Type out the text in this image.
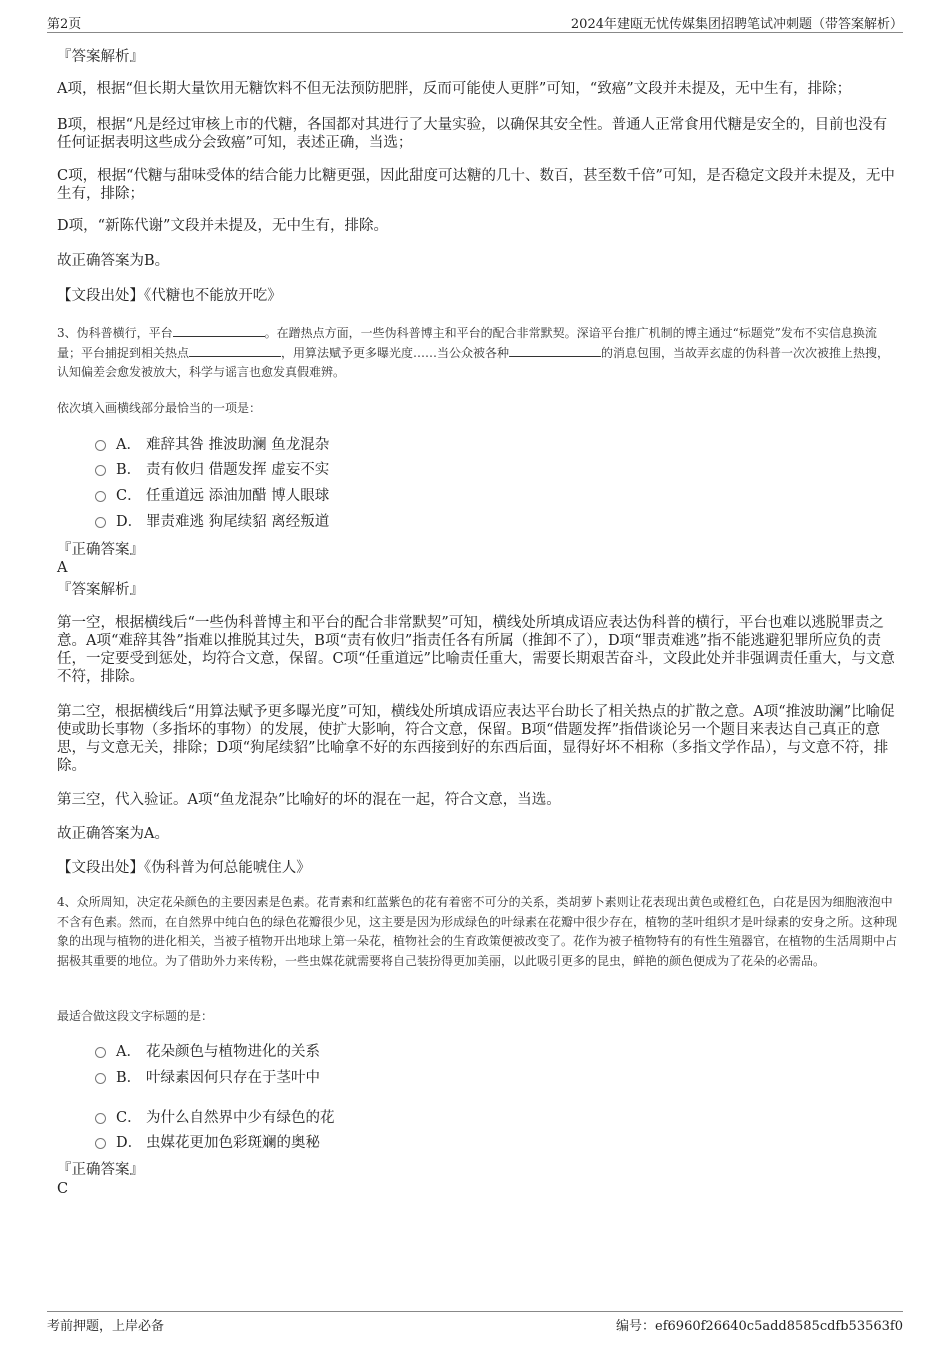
第2页	2024年建瓯无忧传媒集团招聘笔试冲刺题（带答案解析）
『答案解析』
A项，根据“但长期大量饮用无糖饮料不但无法预防肥胖，反而可能使人更胖”可知，“致癌”文段并未提及，无中生有，排除；
B项，根据“凡是经过审核上市的代糖，各国都对其进行了大量实验，以确保其安全性。普通人正常食用代糖是安全的，目前也没有任何证据表明这些成分会致癌”可知，表述正确，当选；
C项，根据“代糖与甜味受体的结合能力比糖更强，因此甜度可达糖的几十、数百，甚至数千倍”可知，是否稳定文段并未提及，无中生有，排除；
D项，“新陈代谢”文段并未提及，无中生有，排除。
故正确答案为B。
【文段出处】《代糖也不能放开吃》
3、伪科普横行，平台	。在蹭热点方面，一些伪科普博主和平台的配合非常默契。深谙平台推广机制的博主通过“标题党”发布不实信息换流量；平台捕捉到相关热点	，用算法赋予更多曝光度……当公众被各种	的消息包围，当故弄玄虚的伪科普一次次被推上热搜，认知偏差会愈发被放大，科学与谣言也愈发真假难辨。
依次填入画横线部分最恰当的一项是：
A． 难辞其咎 推波助澜 鱼龙混杂
B． 责有攸归 借题发挥 虚妄不实
C． 任重道远 添油加醋 博人眼球
D． 罪责难逃 狗尾续貂 离经叛道
『正确答案』
A
『答案解析』
第一空，根据横线后“一些伪科普博主和平台的配合非常默契”可知，横线处所填成语应表达伪科普的横行，平台也难以逃脱罪责之意。A项“难辞其咎”指难以推脱其过失，B项“责有攸归”指责任各有所属（推卸不了），D项“罪责难逃”指不能逃避犯罪所应负的责任，一定要受到惩处，均符合文意，保留。C项“任重道远”比喻责任重大，需要长期艰苦奋斗，文段此处并非强调责任重大，与文意不符，排除。
第二空，根据横线后“用算法赋予更多曝光度”可知，横线处所填成语应表达平台助长了相关热点的扩散之意。A项“推波助澜”比喻促使或助长事物（多指坏的事物）的发展，使扩大影响，符合文意，保留。B项“借题发挥”指借谈论另一个题目来表达自己真正的意思，与文意无关，排除；D项“狗尾续貂”比喻拿不好的东西接到好的东西后面，显得好坏不相称（多指文学作品），与文意不符，排除。
第三空，代入验证。A项“鱼龙混杂”比喻好的坏的混在一起，符合文意，当选。
故正确答案为A。
【文段出处】《伪科普为何总能唬住人》
4、众所周知，决定花朵颜色的主要因素是色素。花青素和红蓝紫色的花有着密不可分的关系，类胡萝卜素则让花表现出黄色或橙红色，白花是因为细胞液泡中不含有色素。然而，在自然界中纯白色的绿色花瓣很少见，这主要是因为形成绿色的叶绿素在花瓣中很少存在，植物的茎叶组织才是叶绿素的安身之所。这种现象的出现与植物的进化相关，当被子植物开出地球上第一朵花，植物社会的生育政策便被改变了。花作为被子植物特有的有性生殖器官，在植物的生活周期中占据极其重要的地位。为了借助外力来传粉，一些虫媒花就需要将自己装扮得更加美丽，以此吸引更多的昆虫，鲜艳的颜色便成为了花朵的必需品。
最适合做这段文字标题的是：
A． 花朵颜色与植物进化的关系
B． 叶绿素因何只存在于茎叶中
C． 为什么自然界中少有绿色的花
D． 虫媒花更加色彩斑斓的奥秘
『正确答案』
C
考前押题，上岸必备	编号：ef6960f26640c5add8585cdfb53563f0
